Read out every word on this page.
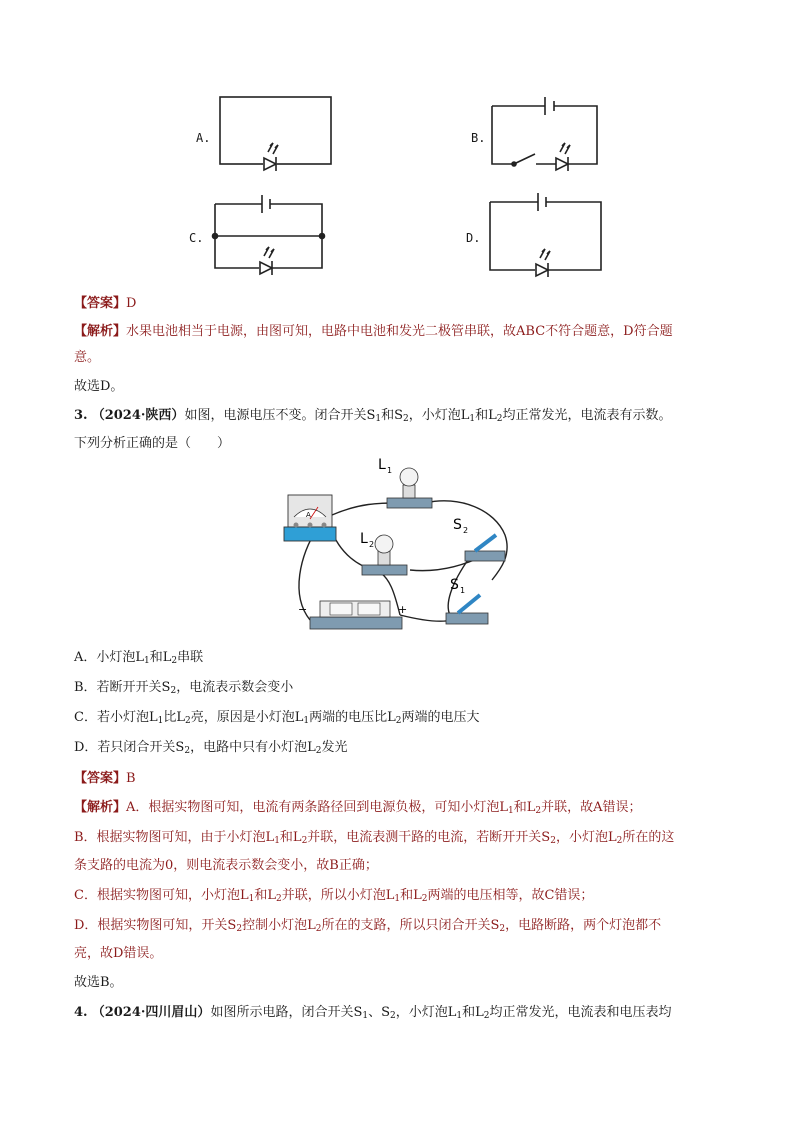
A.	B.
C.	D.
【答案】D
【解析】水果电池相当于电源，由图可知，电路中电池和发光二极管串联，故ABC不符合题意，D符合题
意。
故选D。
3. （2024·陕西）如图，电源电压不变。闭合开关$S_1$和$S_2$，小灯泡$L_1$和$L_2$均正常发光，电流表有示数。
下列分析正确的是（　　）
−	+
A
L 1
L 2
S 2
S 1
A．小灯泡$L_1$和$L_2$串联
B．若断开开关$S_2$，电流表示数会变小
C．若小灯泡$L_1$比$L_2$亮，原因是小灯泡$L_1$两端的电压比$L_2$两端的电压大
D．若只闭合开关$S_2$，电路中只有小灯泡$L_2$发光
【答案】B
【解析】A．根据实物图可知，电流有两条路径回到电源负极，可知小灯泡$L_1$和$L_2$并联，故A错误；
B．根据实物图可知，由于小灯泡$L_1$和$L_2$并联，电流表测干路的电流，若断开开关$S_2$，小灯泡$L_2$所在的这
条支路的电流为0，则电流表示数会变小，故B正确；
C．根据实物图可知，小灯泡$L_1$和$L_2$并联，所以小灯泡$L_1$和$L_2$两端的电压相等，故C错误；
D．根据实物图可知，开关$S_2$控制小灯泡$L_2$所在的支路，所以只闭合开关$S_2$，电路断路，两个灯泡都不
亮，故D错误。
故选B。
4. （2024·四川眉山）如图所示电路，闭合开关$S_1$、$S_2$，小灯泡$L_1$和$L_2$均正常发光，电流表和电压表均
